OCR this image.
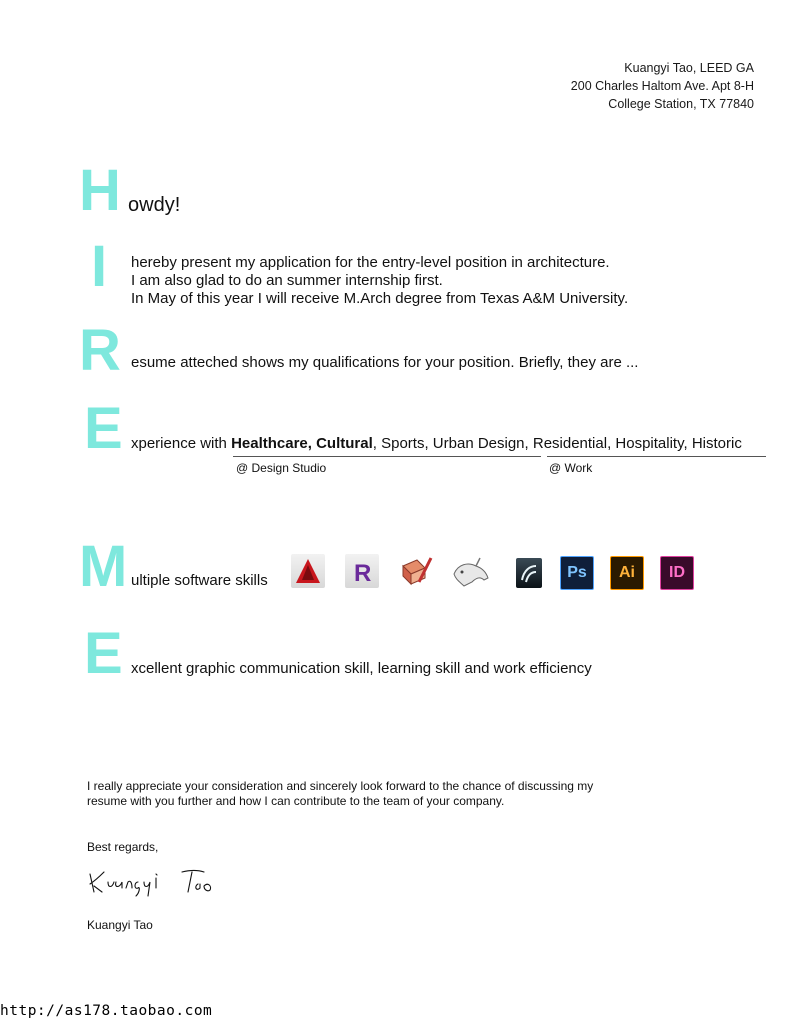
Kuangyi Tao, LEED GA
200 Charles Haltom Ave. Apt 8-H
College Station, TX 77840
H owdy!
I hereby present my application for the entry-level position in architecture.
I am also glad to do an summer internship first.
In May of this year I will receive M.Arch degree from Texas A&M University.
R esume atteched shows my qualifications for your position. Briefly, they are ...
E xperience with Healthcare, Cultural, Sports, Urban Design, Residential, Hospitality, Historic
@ Design Studio	@ Work
M ultiple software skills	R	Ps	Ai	ID
E xcellent graphic communication skill, learning skill and work efficiency
I really appreciate your consideration and sincerely look forward to the chance of discussing my
resume with you further and how I can contribute to the team of your company.
Best regards,
Kuangyi Tao
http://as178.taobao.com
